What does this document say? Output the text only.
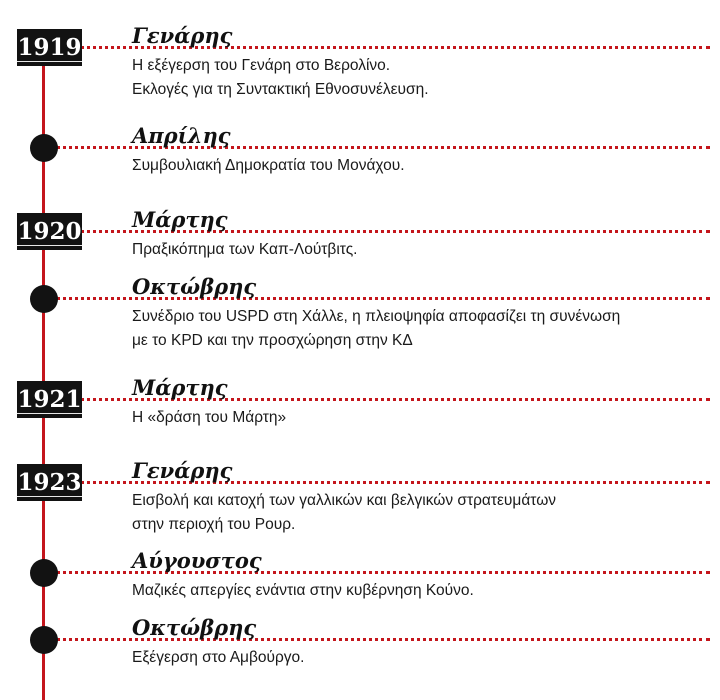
1919 Γενάρης
Η εξέγερση του Γενάρη στο Βερολίνο.
Εκλογές για τη Συντακτική Εθνοσυνέλευση.
Απρίλης
Συμβουλιακή Δημοκρατία του Μονάχου.
1920 Μάρτης
Πραξικόπημα των Καπ-Λούτβιτς.
Οκτώβρης
Συνέδριο του USPD στη Χάλλε, η πλειοψηφία αποφασίζει τη συνένωση
με το KPD και την προσχώρηση στην ΚΔ
1921 Μάρτης
Η «δράση του Μάρτη»
1923 Γενάρης
Εισβολή και κατοχή των γαλλικών και βελγικών στρατευμάτων
στην περιοχή του Ρουρ.
Αύγουστος
Μαζικές απεργίες ενάντια στην κυβέρνηση Κούνο.
Οκτώβρης
Εξέγερση στο Αμβούργο.
